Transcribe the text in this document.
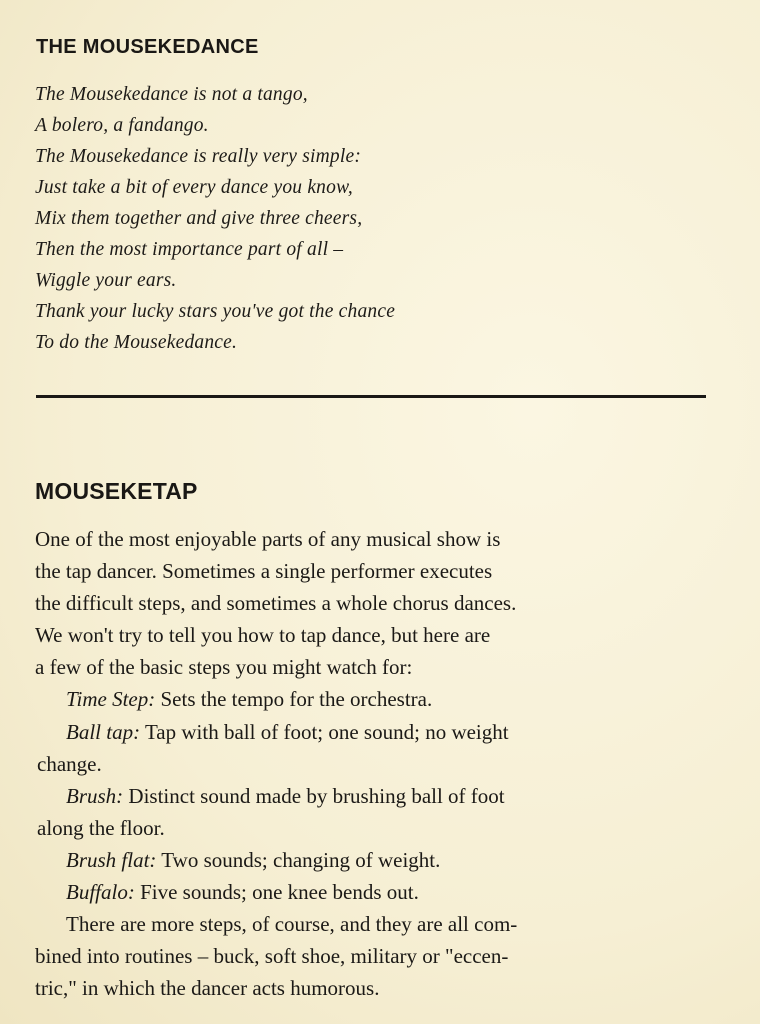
THE MOUSEKEDANCE
The Mousekedance is not a tango,
A bolero, a fandango.
The Mousekedance is really very simple:
Just take a bit of every dance you know,
Mix them together and give three cheers,
Then the most importance part of all –
Wiggle your ears.
Thank your lucky stars you've got the chance
To do the Mousekedance.
MOUSEKETAP

One of the most enjoyable parts of any musical show is

the tap dancer. Sometimes a single performer executes

the difficult steps, and sometimes a whole chorus dances.

We won't try to tell you how to tap dance, but here are

a few of the basic steps you might watch for:

Time Step: Sets the tempo for the orchestra.

Ball tap: Tap with ball of foot; one sound; no weight

change.

Brush: Distinct sound made by brushing ball of foot

along the floor.

Brush flat: Two sounds; changing of weight.

Buffalo: Five sounds; one knee bends out.

There are more steps, of course, and they are all com-

bined into routines – buck, soft shoe, military or "eccen-

tric," in which the dancer acts humorous.
